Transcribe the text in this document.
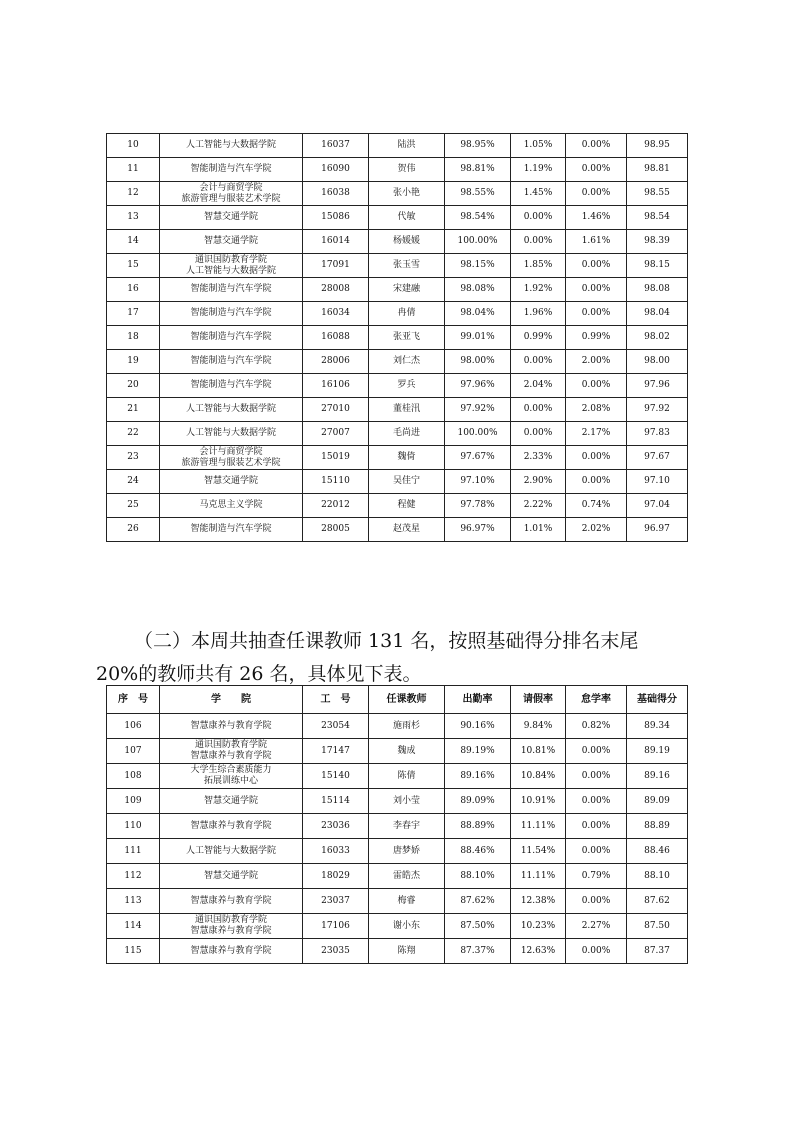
10	人工智能与大数据学院	16037	陆洪	98.95%	1.05%	0.00%	98.95
11	智能制造与汽车学院	16090	贺伟	98.81%	1.19%	0.00%	98.81
12	会计与商贸学院
旅游管理与服装艺术学院	16038	张小艳	98.55%	1.45%	0.00%	98.55
13	智慧交通学院	15086	代敏	98.54%	0.00%	1.46%	98.54
14	智慧交通学院	16014	杨媛媛	100.00%	0.00%	1.61%	98.39
15	通识国防教育学院
人工智能与大数据学院	17091	张玉雪	98.15%	1.85%	0.00%	98.15
16	智能制造与汽车学院	28008	宋建融	98.08%	1.92%	0.00%	98.08
17	智能制造与汽车学院	16034	冉倩	98.04%	1.96%	0.00%	98.04
18	智能制造与汽车学院	16088	张亚飞	99.01%	0.99%	0.99%	98.02
19	智能制造与汽车学院	28006	刘仁杰	98.00%	0.00%	2.00%	98.00
20	智能制造与汽车学院	16106	罗兵	97.96%	2.04%	0.00%	97.96
21	人工智能与大数据学院	27010	董桂汛	97.92%	0.00%	2.08%	97.92
22	人工智能与大数据学院	27007	毛尚进	100.00%	0.00%	2.17%	97.83
23	会计与商贸学院
旅游管理与服装艺术学院	15019	魏倚	97.67%	2.33%	0.00%	97.67
24	智慧交通学院	15110	吴佳宁	97.10%	2.90%	0.00%	97.10
25	马克思主义学院	22012	程健	97.78%	2.22%	0.74%	97.04
26	智能制造与汽车学院	28005	赵茂星	96.97%	1.01%	2.02%	96.97

（二）本周共抽查任课教师 131 名，按照基础得分排名末尾
20%的教师共有 26 名，具体见下表。

序　号	学　　院	工　号	任课教师	出勤率	请假率	怠学率	基础得分
106	智慧康养与教育学院	23054	施雨杉	90.16%	9.84%	0.82%	89.34
107	通识国防教育学院
智慧康养与教育学院	17147	魏成	89.19%	10.81%	0.00%	89.19
108	大学生综合素质能力
拓展训练中心	15140	陈倩	89.16%	10.84%	0.00%	89.16
109	智慧交通学院	15114	刘小莹	89.09%	10.91%	0.00%	89.09
110	智慧康养与教育学院	23036	李春宇	88.89%	11.11%	0.00%	88.89
111	人工智能与大数据学院	16033	唐梦娇	88.46%	11.54%	0.00%	88.46
112	智慧交通学院	18029	雷皓杰	88.10%	11.11%	0.79%	88.10
113	智慧康养与教育学院	23037	梅睿	87.62%	12.38%	0.00%	87.62
114	通识国防教育学院
智慧康养与教育学院	17106	谢小东	87.50%	10.23%	2.27%	87.50
115	智慧康养与教育学院	23035	陈翔	87.37%	12.63%	0.00%	87.37
